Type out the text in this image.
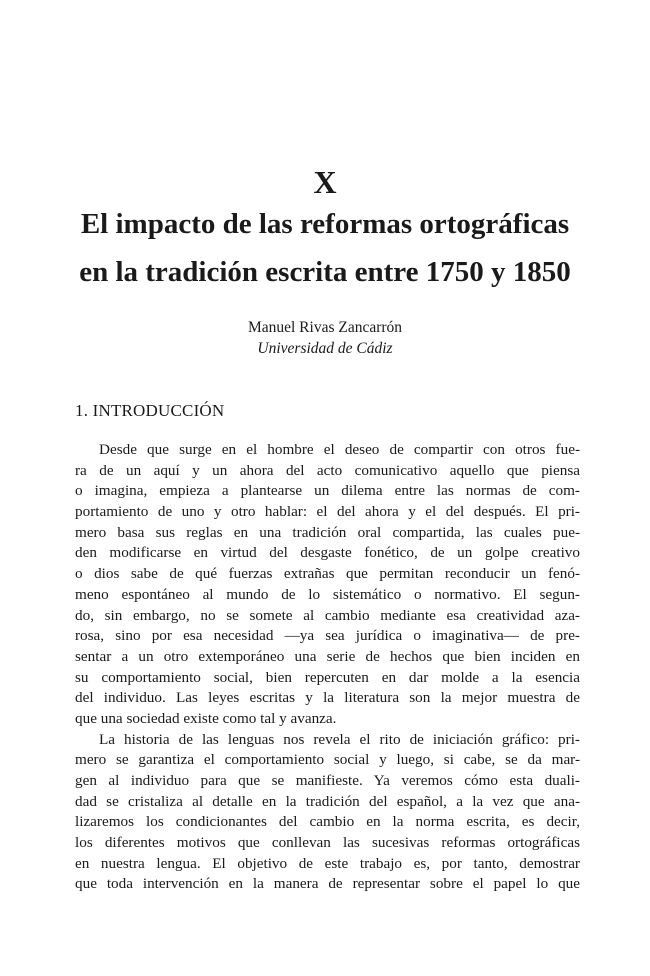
X
El impacto de las reformas ortográficas
en la tradición escrita entre 1750 y 1850
Manuel Rivas Zancarrón
Universidad de Cádiz
1. INTRODUCCIÓN

Desde que surge en el hombre el deseo de compartir con otros fue-
ra de un aquí y un ahora del acto comunicativo aquello que piensa
o imagina, empieza a plantearse un dilema entre las normas de com-
portamiento de uno y otro hablar: el del ahora y el del después. El pri-
mero basa sus reglas en una tradición oral compartida, las cuales pue-
den modificarse en virtud del desgaste fonético, de un golpe creativo
o dios sabe de qué fuerzas extrañas que permitan reconducir un fenó-
meno espontáneo al mundo de lo sistemático o normativo. El segun-
do, sin embargo, no se somete al cambio mediante esa creatividad aza-
rosa, sino por esa necesidad —ya sea jurídica o imaginativa— de pre-
sentar a un otro extemporáneo una serie de hechos que bien inciden en
su comportamiento social, bien repercuten en dar molde a la esencia
del individuo. Las leyes escritas y la literatura son la mejor muestra de
que una sociedad existe como tal y avanza.

La historia de las lenguas nos revela el rito de iniciación gráfico: pri-
mero se garantiza el comportamiento social y luego, si cabe, se da mar-
gen al individuo para que se manifieste. Ya veremos cómo esta duali-
dad se cristaliza al detalle en la tradición del español, a la vez que ana-
lizaremos los condicionantes del cambio en la norma escrita, es decir,
los diferentes motivos que conllevan las sucesivas reformas ortográficas
en nuestra lengua. El objetivo de este trabajo es, por tanto, demostrar
que toda intervención en la manera de representar sobre el papel lo que
